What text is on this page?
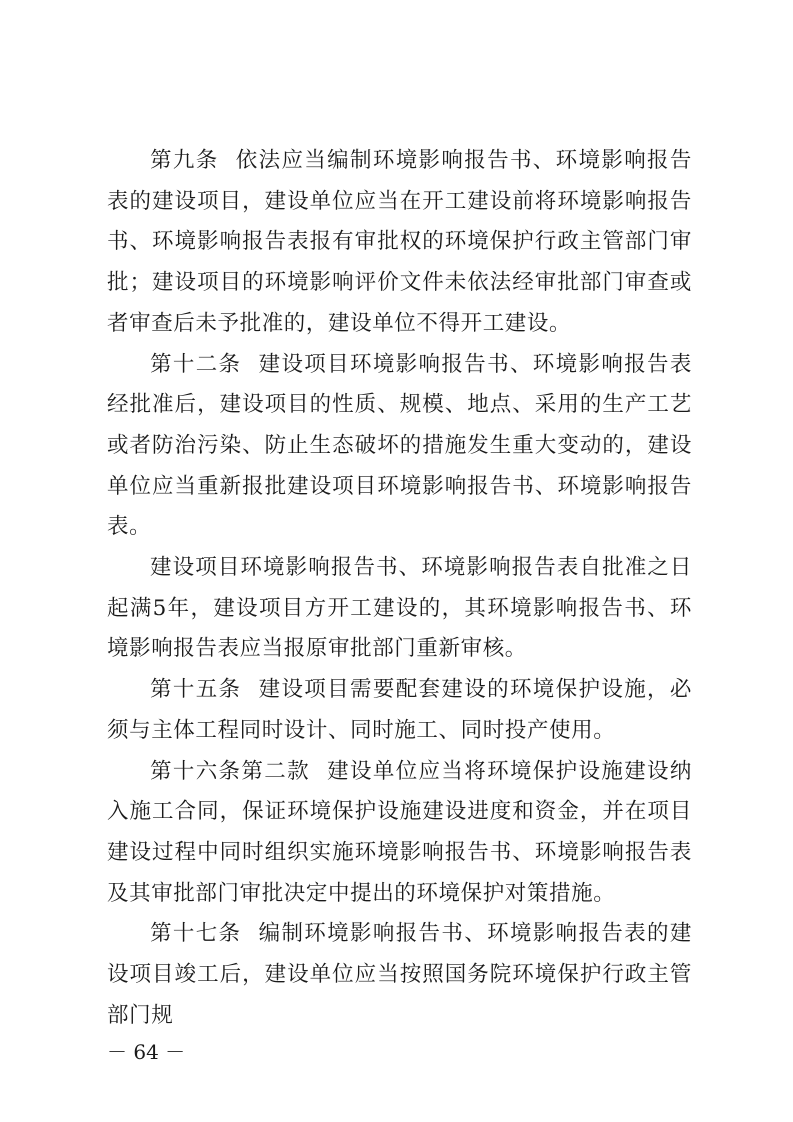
第九条 依法应当编制环境影响报告书、环境影响报告表的建设项目，建设单位应当在开工建设前将环境影响报告书、环境影响报告表报有审批权的环境保护行政主管部门审批；建设项目的环境影响评价文件未依法经审批部门审查或者审查后未予批准的，建设单位不得开工建设。

第十二条 建设项目环境影响报告书、环境影响报告表经批准后，建设项目的性质、规模、地点、采用的生产工艺或者防治污染、防止生态破坏的措施发生重大变动的，建设单位应当重新报批建设项目环境影响报告书、环境影响报告表。

建设项目环境影响报告书、环境影响报告表自批准之日起满5年，建设项目方开工建设的，其环境影响报告书、环境影响报告表应当报原审批部门重新审核。

第十五条 建设项目需要配套建设的环境保护设施，必须与主体工程同时设计、同时施工、同时投产使用。

第十六条第二款 建设单位应当将环境保护设施建设纳入施工合同，保证环境保护设施建设进度和资金，并在项目建设过程中同时组织实施环境影响报告书、环境影响报告表及其审批部门审批决定中提出的环境保护对策措施。

第十七条 编制环境影响报告书、环境影响报告表的建设项目竣工后，建设单位应当按照国务院环境保护行政主管部门规

－ 64 －
